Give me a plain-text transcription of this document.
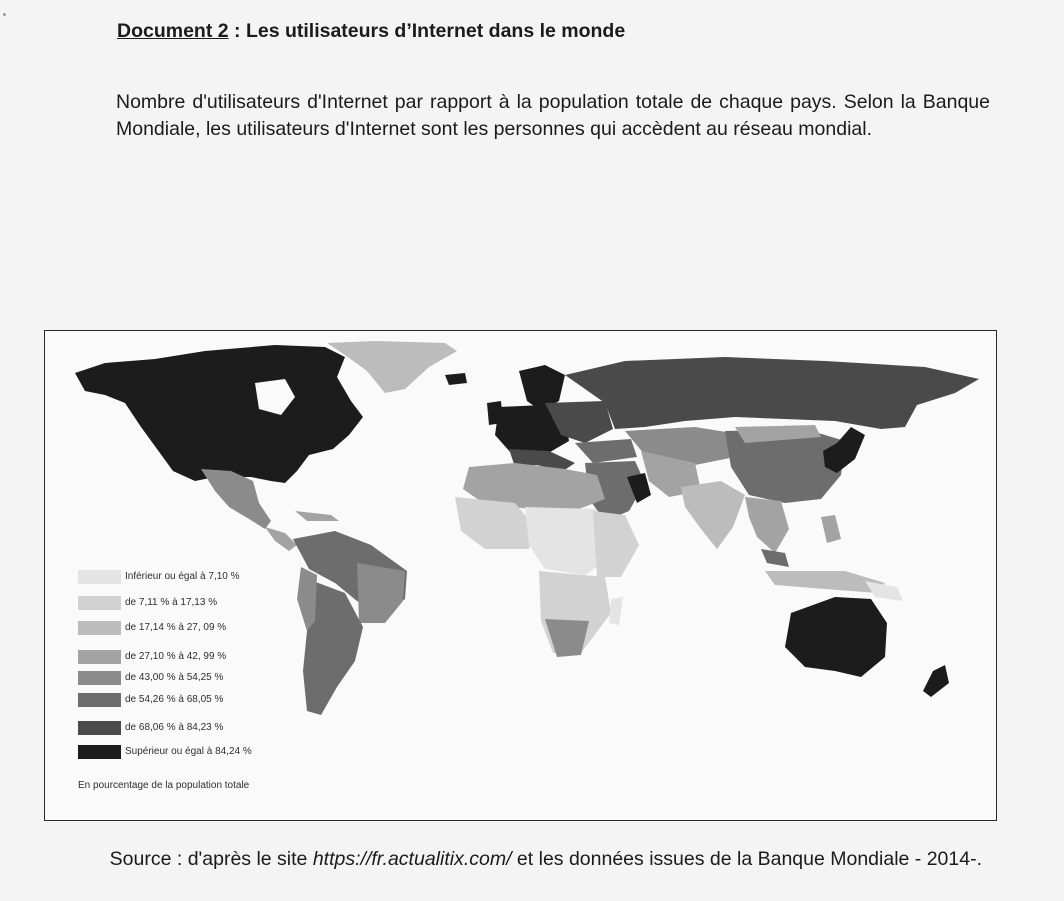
Document 2 : Les utilisateurs d’Internet dans le monde
Nombre d'utilisateurs d'Internet par rapport à la population totale de chaque pays. Selon la Banque Mondiale, les utilisateurs d'Internet sont les personnes qui accèdent au réseau mondial.
Inférieur ou égal à 7,10 %
de 7,11 % à 17,13 %
de 17,14 % à 27, 09 %
de 27,10 % à 42, 99 %
de 43,00 % à 54,25 %
de 54,26 % à 68,05 %
de 68,06 % à 84,23 %
Supérieur ou égal à 84,24 %
En pourcentage de la population totale
Source : d'après le site https://fr.actualitix.com/ et les données issues de la Banque Mondiale - 2014-.
